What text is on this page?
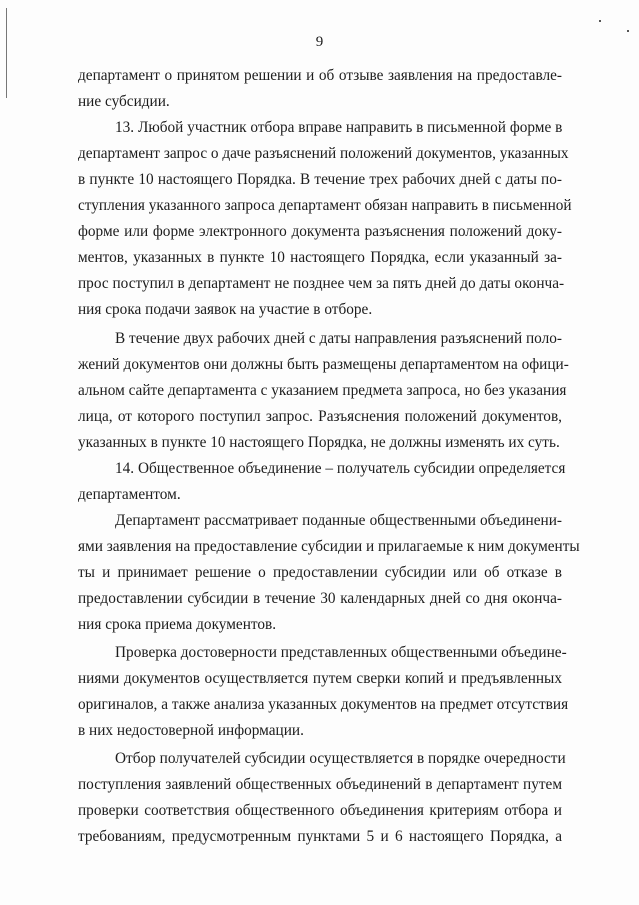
9
департамент о принятом решении и об отзыве заявления на предоставле-
ние субсидии.
13. Любой участник отбора вправе направить в письменной форме в
департамент запрос о даче разъяснений положений документов, указанных
в пункте 10 настоящего Порядка. В течение трех рабочих дней с даты по-
ступления указанного запроса департамент обязан направить в письменной
форме или форме электронного документа разъяснения положений доку-
ментов, указанных в пункте 10 настоящего Порядка, если указанный за-
прос поступил в департамент не позднее чем за пять дней до даты оконча-
ния срока подачи заявок на участие в отборе.
В течение двух рабочих дней с даты направления разъяснений поло-
жений документов они должны быть размещены департаментом на офици-
альном сайте департамента с указанием предмета запроса, но без указания
лица, от которого поступил запрос. Разъяснения положений документов,
указанных в пункте 10 настоящего Порядка, не должны изменять их суть.
14. Общественное объединение – получатель субсидии определяется
департаментом.
Департамент рассматривает поданные общественными объединени-
ями заявления на предоставление субсидии и прилагаемые к ним документы
ты и принимает решение о предоставлении субсидии или об отказе в
предоставлении субсидии в течение 30 календарных дней со дня оконча-
ния срока приема документов.
Проверка достоверности представленных общественными объедине-
ниями документов осуществляется путем сверки копий и предъявленных
оригиналов, а также анализа указанных документов на предмет отсутствия
в них недостоверной информации.
Отбор получателей субсидии осуществляется в порядке очередности
поступления заявлений общественных объединений в департамент путем
проверки соответствия общественного объединения критериям отбора и
требованиям, предусмотренным пунктами 5 и 6 настоящего Порядка, а
